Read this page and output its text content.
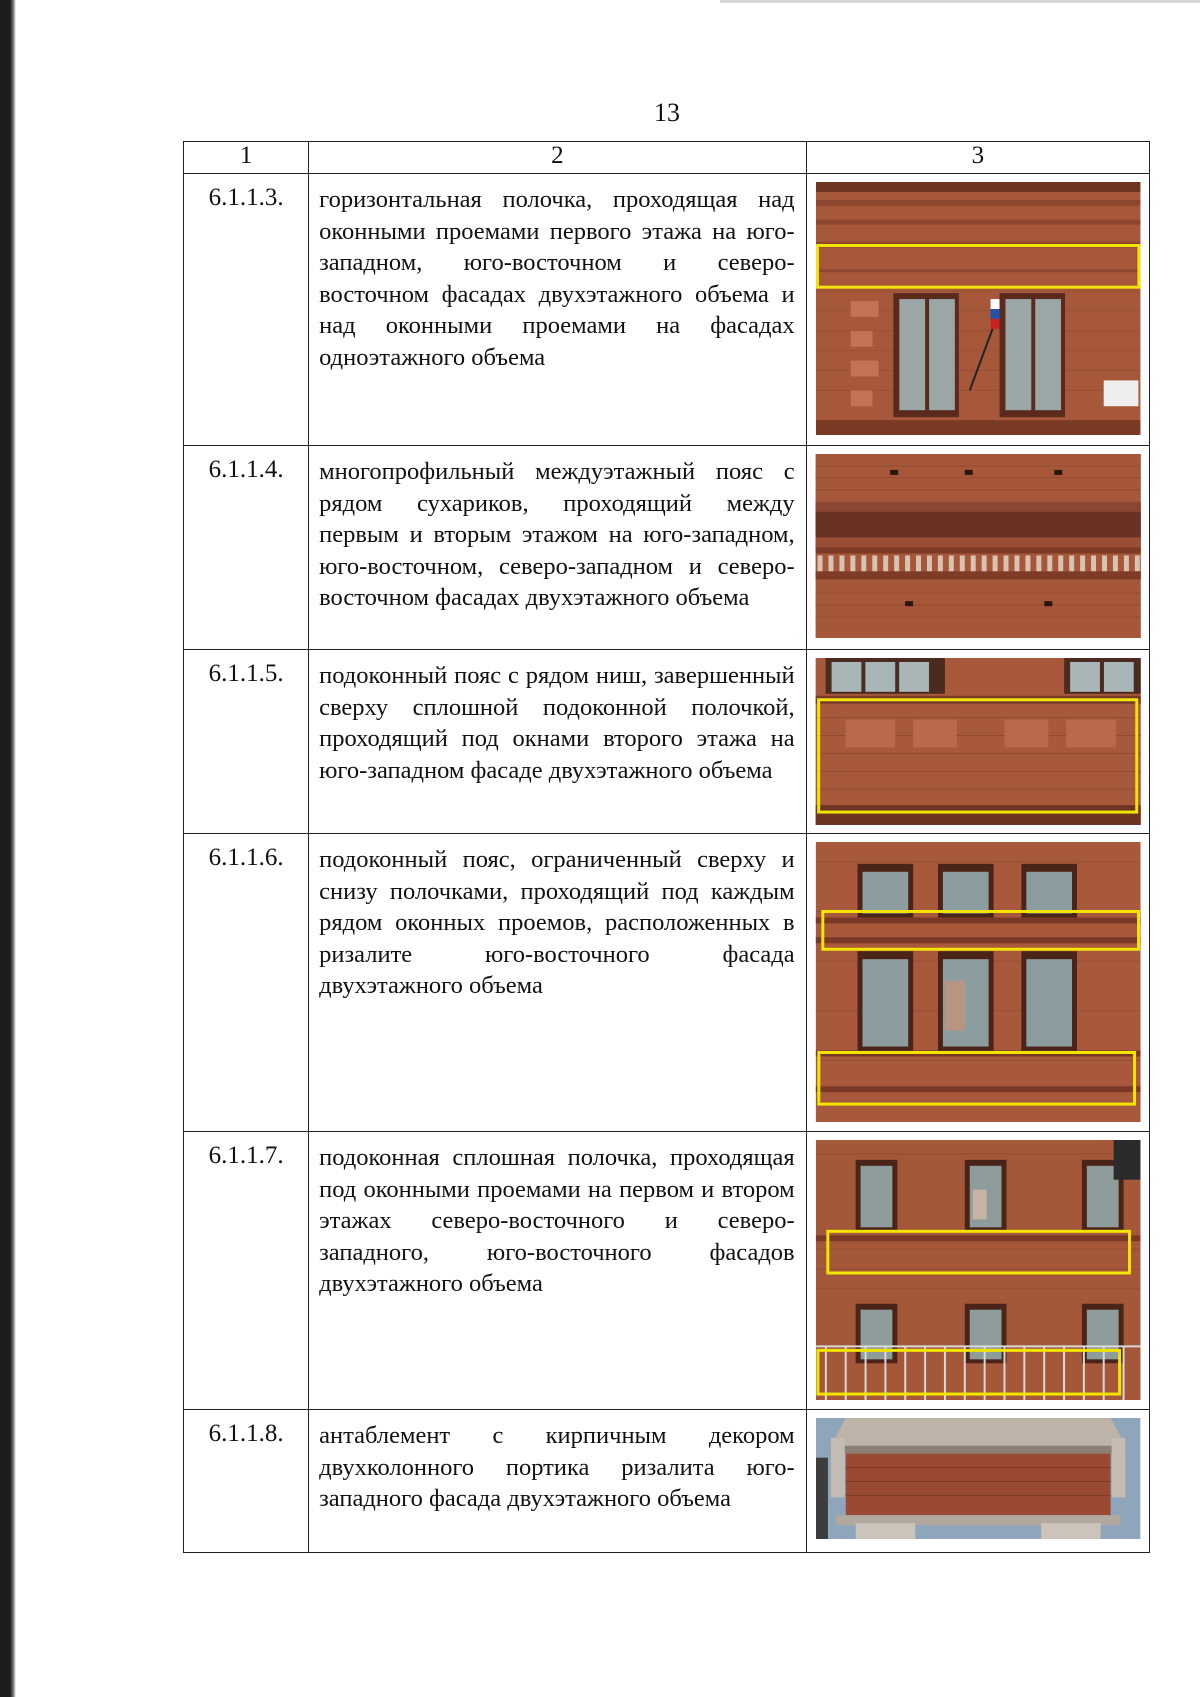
13
1	2	3
6.1.1.3.	горизонтальная полочка, проходящая над оконными проемами первого этажа на юго-западном, юго-восточном и северо-восточном фасадах двухэтажного объема и над оконными проемами на фасадах одноэтажного объема	

6.1.1.4.	многопрофильный междуэтажный пояс с рядом сухариков, проходящий между первым и вторым этажом на юго-западном, юго-восточном, северо-западном и северо-восточном фасадах двухэтажного объема	

6.1.1.5.	подоконный пояс с рядом ниш, завершенный сверху сплошной подоконной полочкой, проходящий под окнами второго этажа на юго-западном фасаде двухэтажного объема	

6.1.1.6.	подоконный пояс, ограниченный сверху и снизу полочками, проходящий под каждым рядом оконных проемов, расположенных в ризалите юго-восточного фасада двухэтажного объема	

6.1.1.7.	подоконная сплошная полочка, проходящая под оконными проемами на первом и втором этажах северо-восточного и северо-западного, юго-восточного фасадов двухэтажного объема	

6.1.1.8.	антаблемент с кирпичным декором двухколонного портика ризалита юго-западного фасада двухэтажного объема	
